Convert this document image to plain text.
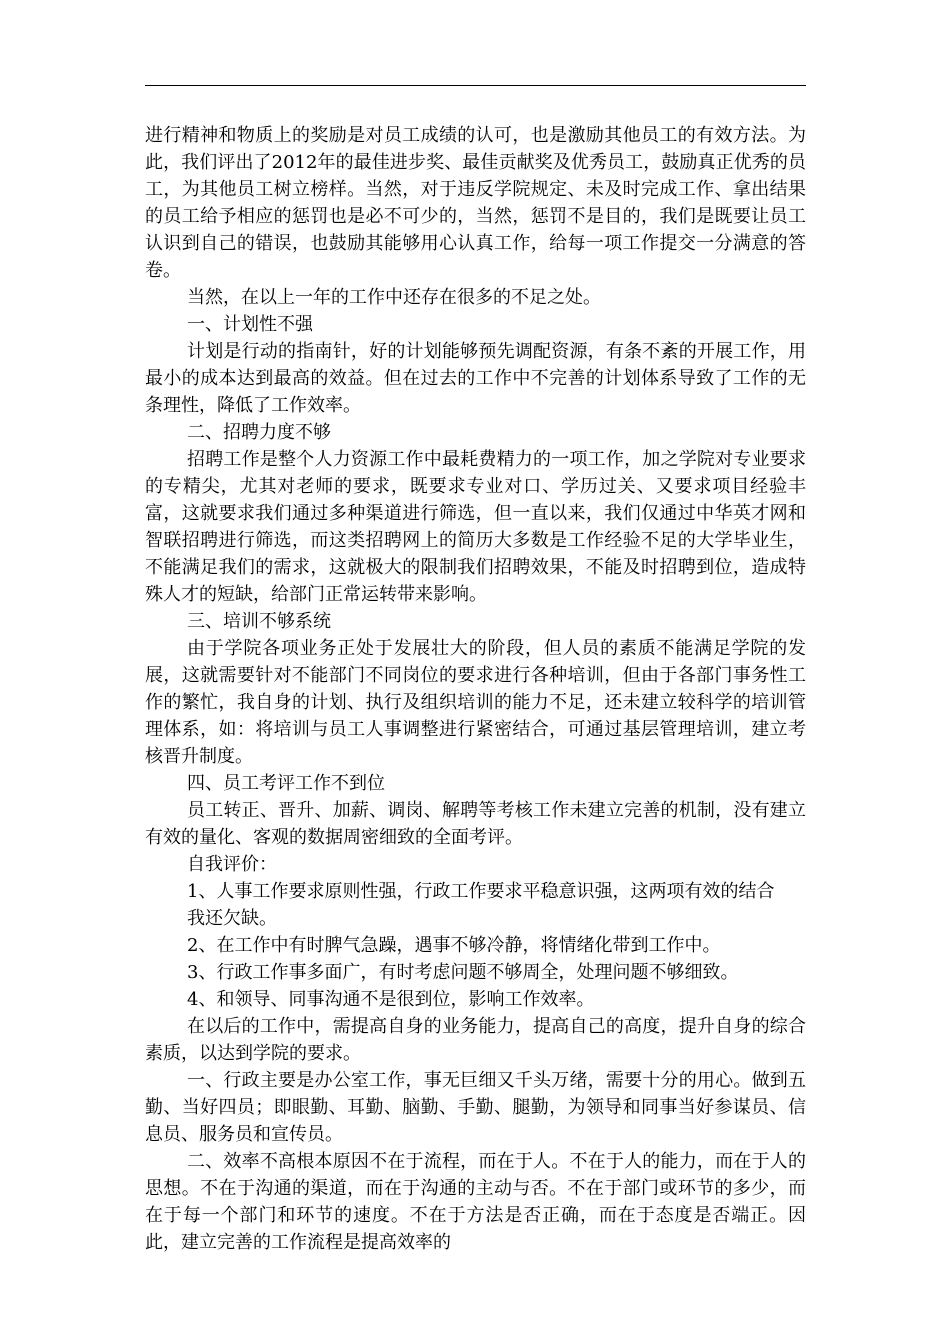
进行精神和物质上的奖励是对员工成绩的认可，也是激励其他员工的有效方法。为此，我们评出了2012年的最佳进步奖、最佳贡献奖及优秀员工，鼓励真正优秀的员工，为其他员工树立榜样。当然，对于违反学院规定、未及时完成工作、拿出结果的员工给予相应的惩罚也是必不可少的，当然，惩罚不是目的，我们是既要让员工认识到自己的错误，也鼓励其能够用心认真工作，给每一项工作提交一分满意的答卷。

当然，在以上一年的工作中还存在很多的不足之处。

一、计划性不强

计划是行动的指南针，好的计划能够预先调配资源，有条不紊的开展工作，用最小的成本达到最高的效益。但在过去的工作中不完善的计划体系导致了工作的无条理性，降低了工作效率。

二、招聘力度不够

招聘工作是整个人力资源工作中最耗费精力的一项工作，加之学院对专业要求的专精尖，尤其对老师的要求，既要求专业对口、学历过关、又要求项目经验丰富，这就要求我们通过多种渠道进行筛选，但一直以来，我们仅通过中华英才网和智联招聘进行筛选，而这类招聘网上的简历大多数是工作经验不足的大学毕业生，不能满足我们的需求，这就极大的限制我们招聘效果，不能及时招聘到位，造成特殊人才的短缺，给部门正常运转带来影响。

三、培训不够系统

由于学院各项业务正处于发展壮大的阶段，但人员的素质不能满足学院的发展，这就需要针对不能部门不同岗位的要求进行各种培训，但由于各部门事务性工作的繁忙，我自身的计划、执行及组织培训的能力不足，还未建立较科学的培训管理体系，如：将培训与员工人事调整进行紧密结合，可通过基层管理培训，建立考核晋升制度。

四、员工考评工作不到位

员工转正、晋升、加薪、调岗、解聘等考核工作未建立完善的机制，没有建立有效的量化、客观的数据周密细致的全面考评。

自我评价：

1、人事工作要求原则性强，行政工作要求平稳意识强，这两项有效的结合

我还欠缺。

2、在工作中有时脾气急躁，遇事不够冷静，将情绪化带到工作中。

3、行政工作事多面广，有时考虑问题不够周全，处理问题不够细致。

4、和领导、同事沟通不是很到位，影响工作效率。

在以后的工作中，需提高自身的业务能力，提高自己的高度，提升自身的综合素质，以达到学院的要求。

一、行政主要是办公室工作，事无巨细又千头万绪，需要十分的用心。做到五勤、当好四员；即眼勤、耳勤、脑勤、手勤、腿勤，为领导和同事当好参谋员、信息员、服务员和宣传员。

二、效率不高根本原因不在于流程，而在于人。不在于人的能力，而在于人的思想。不在于沟通的渠道，而在于沟通的主动与否。不在于部门或环节的多少，而在于每一个部门和环节的速度。不在于方法是否正确，而在于态度是否端正。因此，建立完善的工作流程是提高效率的
